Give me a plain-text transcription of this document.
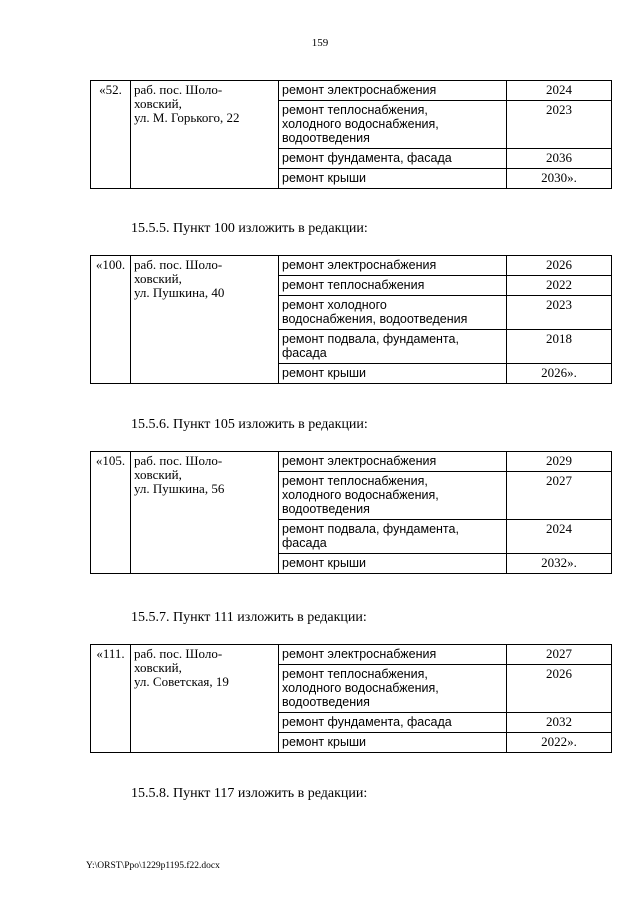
159
«52.	раб. пос. Шоло-
ховский,
ул. М. Горького, 22	ремонт электроснабжения	2024

		ремонт теплоснабжения,
холодного водоснабжения,
водоотведения	2023

		ремонт фундамента, фасада	2036

		ремонт крыши	2030».
15.5.5. Пункт 100 изложить в редакции:
«100.	раб. пос. Шоло-
ховский,
ул. Пушкина, 40	ремонт электроснабжения	2026

		ремонт теплоснабжения	2022

		ремонт холодного
водоснабжения, водоотведения	2023

		ремонт подвала, фундамента,
фасада	2018

		ремонт крыши	2026».
15.5.6. Пункт 105 изложить в редакции:
«105.	раб. пос. Шоло-
ховский,
ул. Пушкина, 56	ремонт электроснабжения	2029

		ремонт теплоснабжения,
холодного водоснабжения,
водоотведения	2027

		ремонт подвала, фундамента,
фасада	2024

		ремонт крыши	2032».
15.5.7. Пункт 111 изложить в редакции:
«111.	раб. пос. Шоло-
ховский,
ул. Советская, 19	ремонт электроснабжения	2027

		ремонт теплоснабжения,
холодного водоснабжения,
водоотведения	2026

		ремонт фундамента, фасада	2032

		ремонт крыши	2022».
15.5.8. Пункт 117 изложить в редакции:
Y:\ORST\Ppo\1229p1195.f22.docx
